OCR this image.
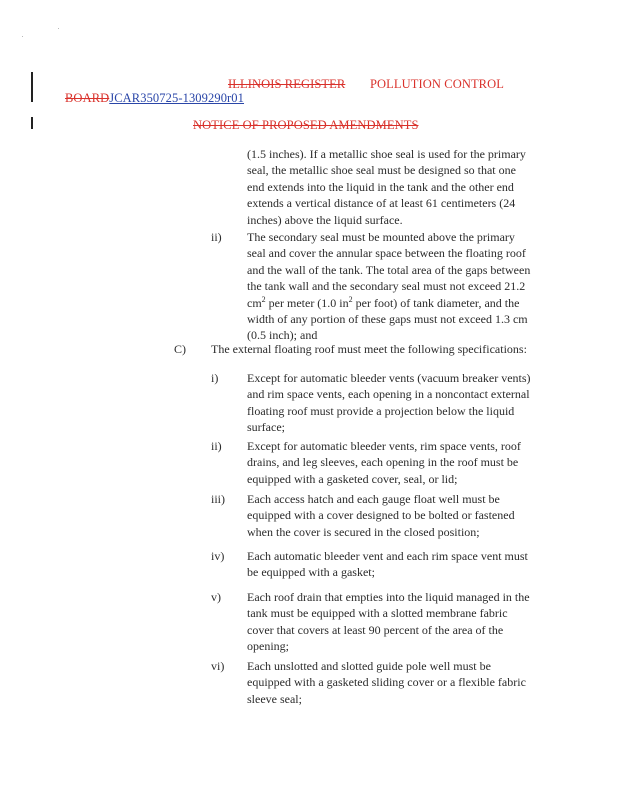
ILLINOIS REGISTER POLLUTION CONTROL
BOARDJCAR350725-1309290r01
NOTICE OF PROPOSED AMENDMENTS
(1.5 inches). If a metallic shoe seal is used for the primary
seal, the metallic shoe seal must be designed so that one
end extends into the liquid in the tank and the other end
extends a vertical distance of at least 61 centimeters (24
inches) above the liquid surface.
ii) The secondary seal must be mounted above the primary
seal and cover the annular space between the floating roof
and the wall of the tank. The total area of the gaps between
the tank wall and the secondary seal must not exceed 21.2
$cm^2$ per meter (1.0 $in^2$ per foot) of tank diameter, and the
width of any portion of these gaps must not exceed 1.3 cm
(0.5 inch); and
C) The external floating roof must meet the following specifications:
i) Except for automatic bleeder vents (vacuum breaker vents)
and rim space vents, each opening in a noncontact external
floating roof must provide a projection below the liquid
surface;
ii) Except for automatic bleeder vents, rim space vents, roof
drains, and leg sleeves, each opening in the roof must be
equipped with a gasketed cover, seal, or lid;
iii) Each access hatch and each gauge float well must be
equipped with a cover designed to be bolted or fastened
when the cover is secured in the closed position;
iv) Each automatic bleeder vent and each rim space vent must
be equipped with a gasket;
v) Each roof drain that empties into the liquid managed in the
tank must be equipped with a slotted membrane fabric
cover that covers at least 90 percent of the area of the
opening;
vi) Each unslotted and slotted guide pole well must be
equipped with a gasketed sliding cover or a flexible fabric
sleeve seal;
